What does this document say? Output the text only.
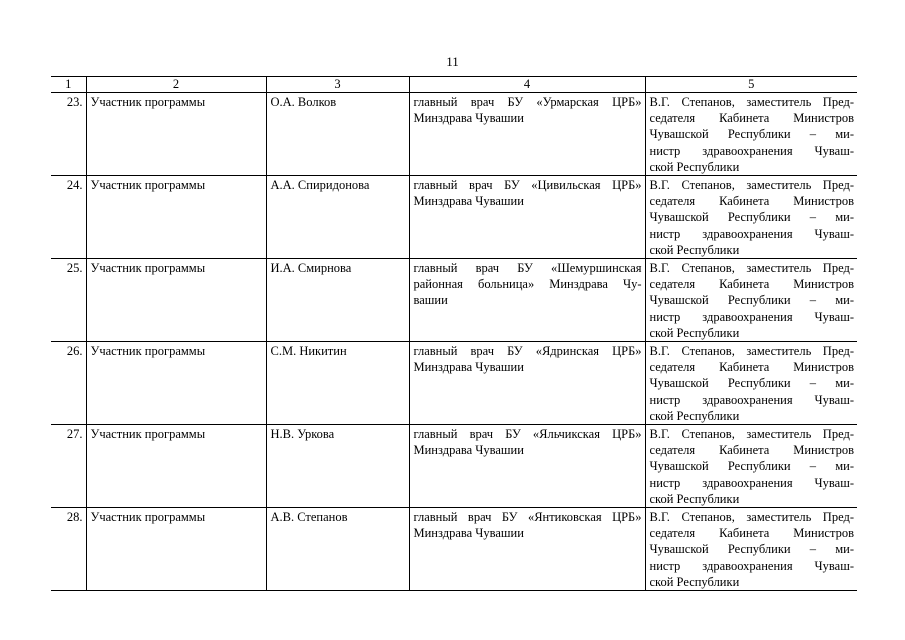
11
1	2	3	4	5
23.	Участник программы	О.А. Волков	главный врач БУ «Урмарская ЦРБ»
Минздрава Чувашии	В.Г. Степанов, заместитель Пред-
седателя Кабинета Министров
Чувашской Республики – ми-
нистр здравоохранения Чуваш-
ской Республики

24.	Участник программы	А.А. Спиридонова	главный врач БУ «Цивильская ЦРБ»
Минздрава Чувашии	В.Г. Степанов, заместитель Пред-
седателя Кабинета Министров
Чувашской Республики – ми-
нистр здравоохранения Чуваш-
ской Республики

25.	Участник программы	И.А. Смирнова	главный врач БУ «Шемуршинская
районная больница» Минздрава Чу-
вашии	В.Г. Степанов, заместитель Пред-
седателя Кабинета Министров
Чувашской Республики – ми-
нистр здравоохранения Чуваш-
ской Республики

26.	Участник программы	С.М. Никитин	главный врач БУ «Ядринская ЦРБ»
Минздрава Чувашии	В.Г. Степанов, заместитель Пред-
седателя Кабинета Министров
Чувашской Республики – ми-
нистр здравоохранения Чуваш-
ской Республики

27.	Участник программы	Н.В. Уркова	главный врач БУ «Яльчикская ЦРБ»
Минздрава Чувашии	В.Г. Степанов, заместитель Пред-
седателя Кабинета Министров
Чувашской Республики – ми-
нистр здравоохранения Чуваш-
ской Республики

28.	Участник программы	А.В. Степанов	главный врач БУ «Янтиковская ЦРБ»
Минздрава Чувашии	В.Г. Степанов, заместитель Пред-
седателя Кабинета Министров
Чувашской Республики – ми-
нистр здравоохранения Чуваш-
ской Республики
